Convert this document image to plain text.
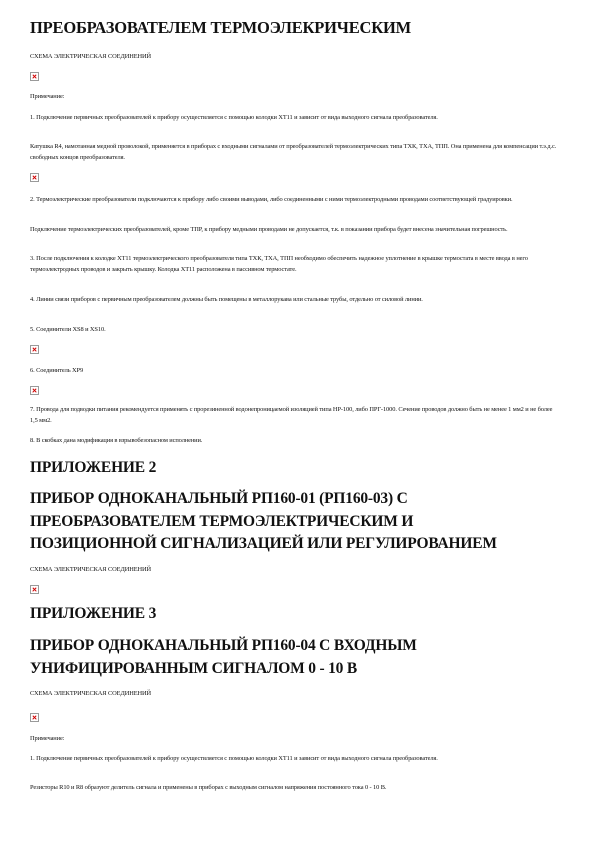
ПРЕОБРАЗОВАТЕЛЕМ ТЕРМОЭЛЕКРИЧЕСКИМ
СХЕМА ЭЛЕКТРИЧЕСКАЯ СОЕДИНЕНИЙ
Примечание:
1. Подключение первичных преобразователей к прибору осуществляется с помощью колодки ХТ11 и зависит от вида выходного сигнала преобразователя.
Катушка R4, намотанная медной проволокой, применяется в приборах с входными сигналами от преобразователей термоэлектрических типа ТХК, ТХА, ТПП. Она применена для компенсации т.э.д.с. свободных концов преобразователя.
2. Термоэлектрические преобразователи подключаются к прибору либо своими выводами, либо соединенными с ними термоэлектродными проводами соответствующей градуировки.
Подключение термоэлектрических преобразователей, кроме ТПР, к прибору медными проводами не допускается, т.к. в показании прибора будет внесена значительная погрешность.
3. После подключения к колодке ХТ11 термоэлектрического преобразователя типа ТХК, ТХА, ТПП необходимо обеспечить надежное уплотнение в крышке термостата в месте ввода в него термоэлектродных проводов и закрыть крышку. Колодка ХТ11 расположена в пассивном термостате.
4. Линии связи приборов с первичным преобразователем должны быть помещены в металлорукава или стальные трубы, отдельно от силовой линии.
5. Соединители XS8 и XS10.
6. Соединитель ХР9
7. Провода для подводки питания рекомендуется применять с прорезиненной водонепроницаемой изоляцией типа НР-100, либо ПРГ-1000. Сечение проводов должно быть не менее 1 мм2 и не более 1,5 мм2.
8. В скобках дана модификация в взрывобезопасном исполнении.
ПРИЛОЖЕНИЕ 2
ПРИБОР ОДНОКАНАЛЬНЫЙ РП160-01 (РП160-03) С
ПРЕОБРАЗОВАТЕЛЕМ ТЕРМОЭЛЕКТРИЧЕСКИМ И
ПОЗИЦИОННОЙ СИГНАЛИЗАЦИЕЙ ИЛИ РЕГУЛИРОВАНИЕМ
СХЕМА ЭЛЕКТРИЧЕСКАЯ СОЕДИНЕНИЙ
ПРИЛОЖЕНИЕ 3
ПРИБОР ОДНОКАНАЛЬНЫЙ РП160-04 С ВХОДНЫМ
УНИФИЦИРОВАННЫМ СИГНАЛОМ 0 - 10 В
СХЕМА ЭЛЕКТРИЧЕСКАЯ СОЕДИНЕНИЙ
Примечание:
1. Подключение первичных преобразователей к прибору осуществляется с помощью колодки ХТ11 и зависит от вида выходного сигнала преобразователя.
Резисторы R10 и R8 образуют делитель сигнала и применены в приборах с выходным сигналом напряжения постоянного тока 0 - 10 В.
